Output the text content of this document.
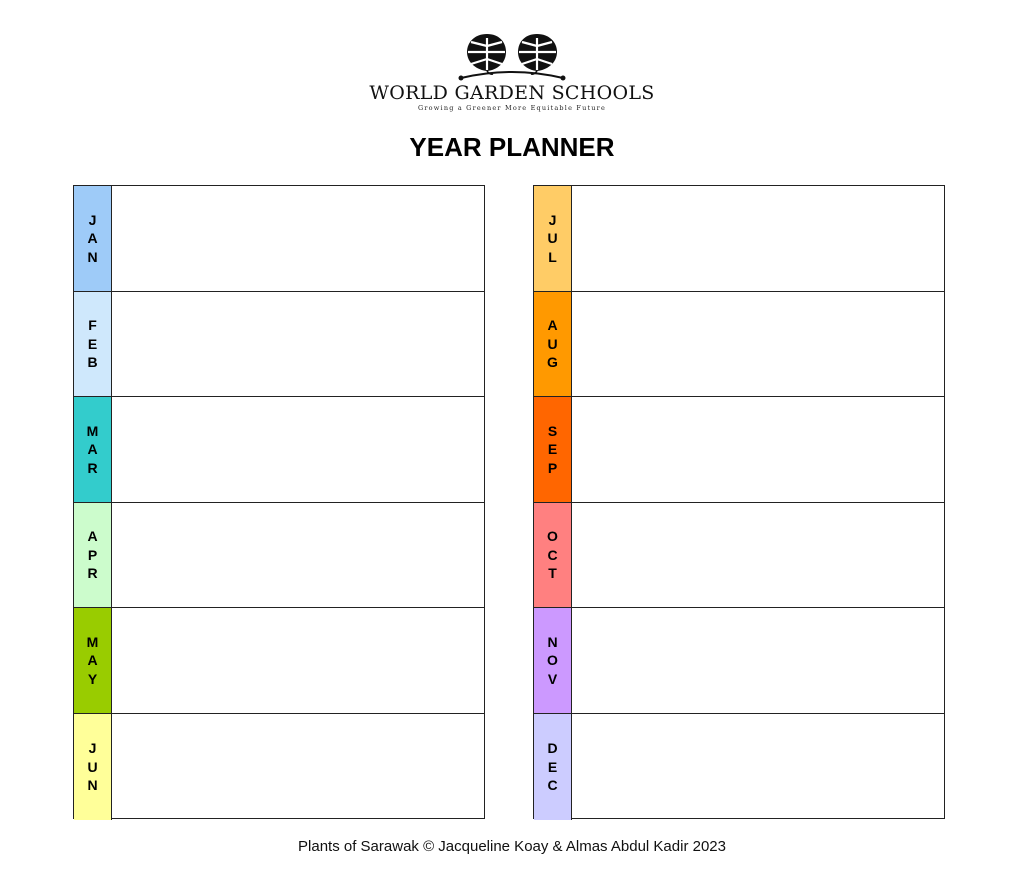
WORLD GARDEN SCHOOLS
Growing a Greener More Equitable Future
YEAR PLANNER
J
A
N
F
E
B
M
A
R
A
P
R
M
A
Y
J
U
N
J
U
L
A
U
G
S
E
P
O
C
T
N
O
V
D
E
C
Plants of Sarawak © Jacqueline Koay & Almas Abdul Kadir 2023
